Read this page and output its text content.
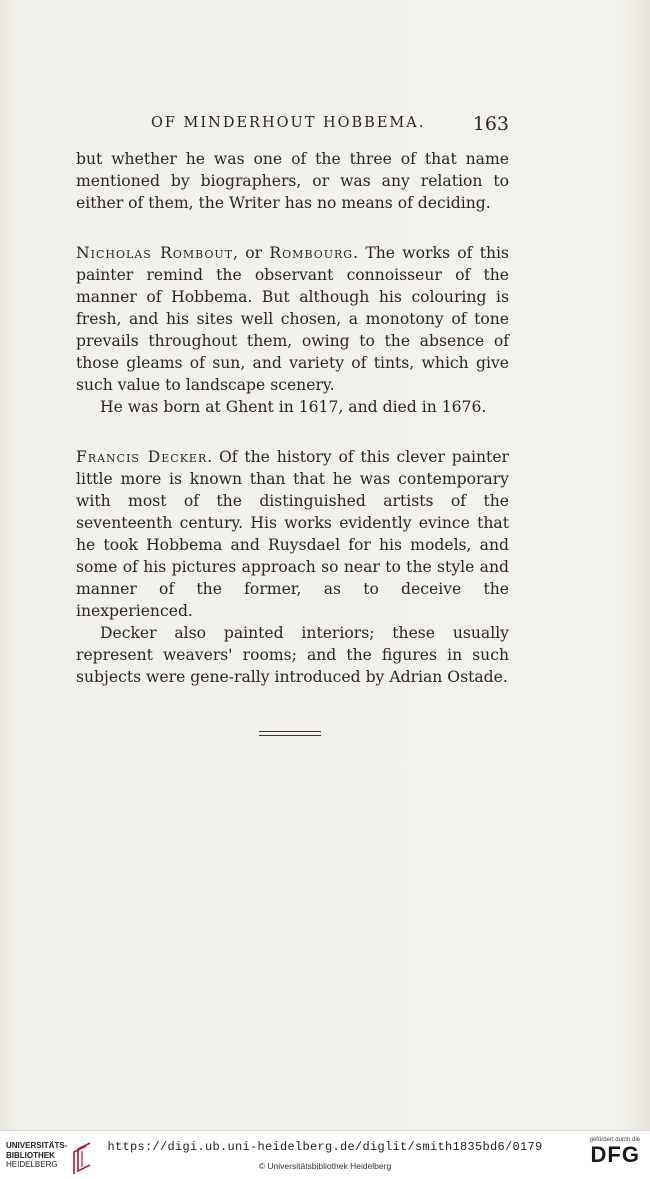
OF MINDERHOUT HOBBEMA. 163

but whether he was one of the three of that name mentioned by biographers, or was any relation to either of them, the Writer has no means of deciding.

Nicholas Rombout, or Rombourg. The works of this painter remind the observant connoisseur of the manner of Hobbema. But although his colouring is fresh, and his sites well chosen, a monotony of tone prevails throughout them, owing to the absence of those gleams of sun, and variety of tints, which give such value to landscape scenery.

He was born at Ghent in 1617, and died in 1676.

Francis Decker. Of the history of this clever painter little more is known than that he was contemporary with most of the distinguished artists of the seventeenth century. His works evidently evince that he took Hobbema and Ruysdael for his models, and some of his pictures approach so near to the style and manner of the former, as to deceive the inexperienced.

Decker also painted interiors; these usually represent weavers' rooms; and the figures in such subjects were gene-rally introduced by Adrian Ostade.

UNIVERSITÄTS-
BIBLIOTHEK
HEIDELBERG
https://digi.ub.uni-heidelberg.de/diglit/smith1835bd6/0179
© Universitätsbibliothek Heidelberg
gefördert durch die
DFG
